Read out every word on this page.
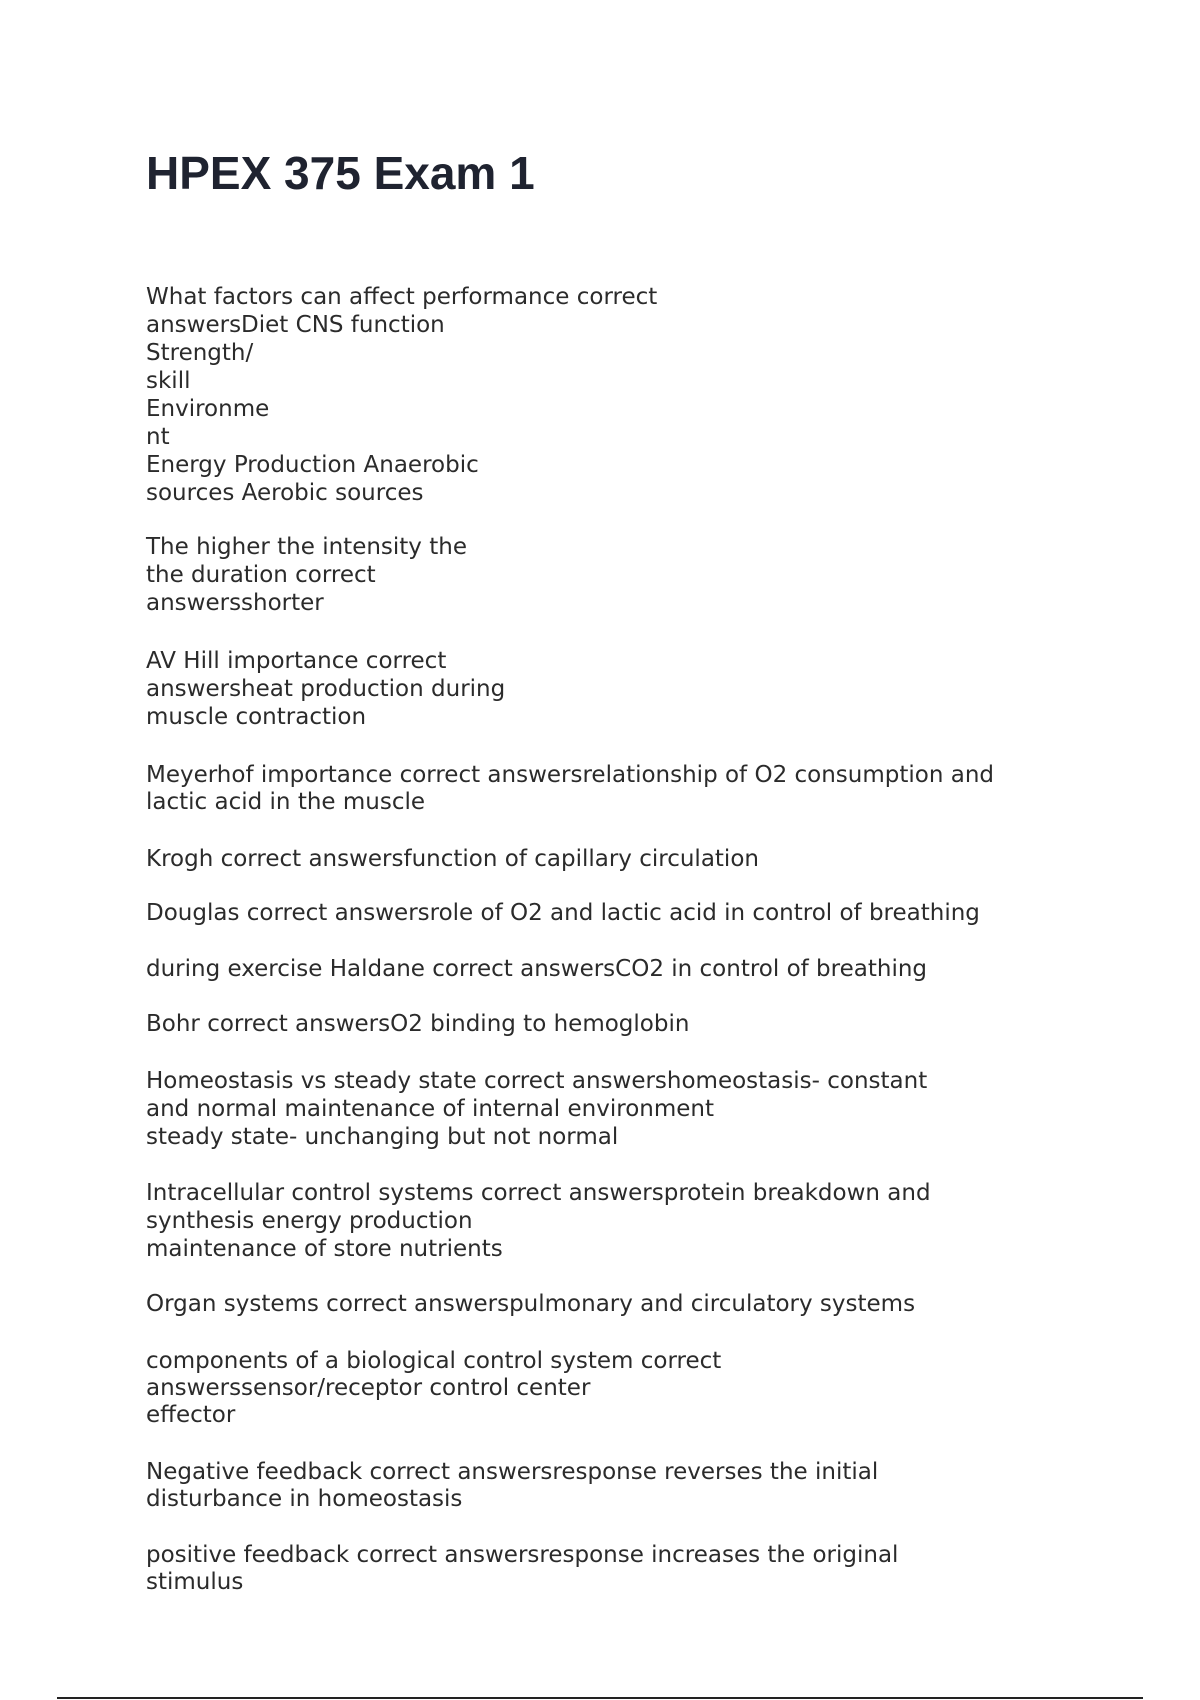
HPEX 375 Exam 1

What factors can affect performance correct
answersDiet CNS function
Strength/
skill
Environme
nt
Energy Production Anaerobic
sources Aerobic sources

The higher the intensity the
the duration correct
answersshorter

AV Hill importance correct
answersheat production during
muscle contraction

Meyerhof importance correct answersrelationship of O2 consumption and
lactic acid in the muscle

Krogh correct answersfunction of capillary circulation

Douglas correct answersrole of O2 and lactic acid in control of breathing

during exercise Haldane correct answersCO2 in control of breathing

Bohr correct answersO2 binding to hemoglobin

Homeostasis vs steady state correct answershomeostasis- constant
and normal maintenance of internal environment
steady state- unchanging but not normal

Intracellular control systems correct answersprotein breakdown and
synthesis energy production
maintenance of store nutrients

Organ systems correct answerspulmonary and circulatory systems

components of a biological control system correct
answerssensor/receptor control center
effector

Negative feedback correct answersresponse reverses the initial
disturbance in homeostasis

positive feedback correct answersresponse increases the original
stimulus
